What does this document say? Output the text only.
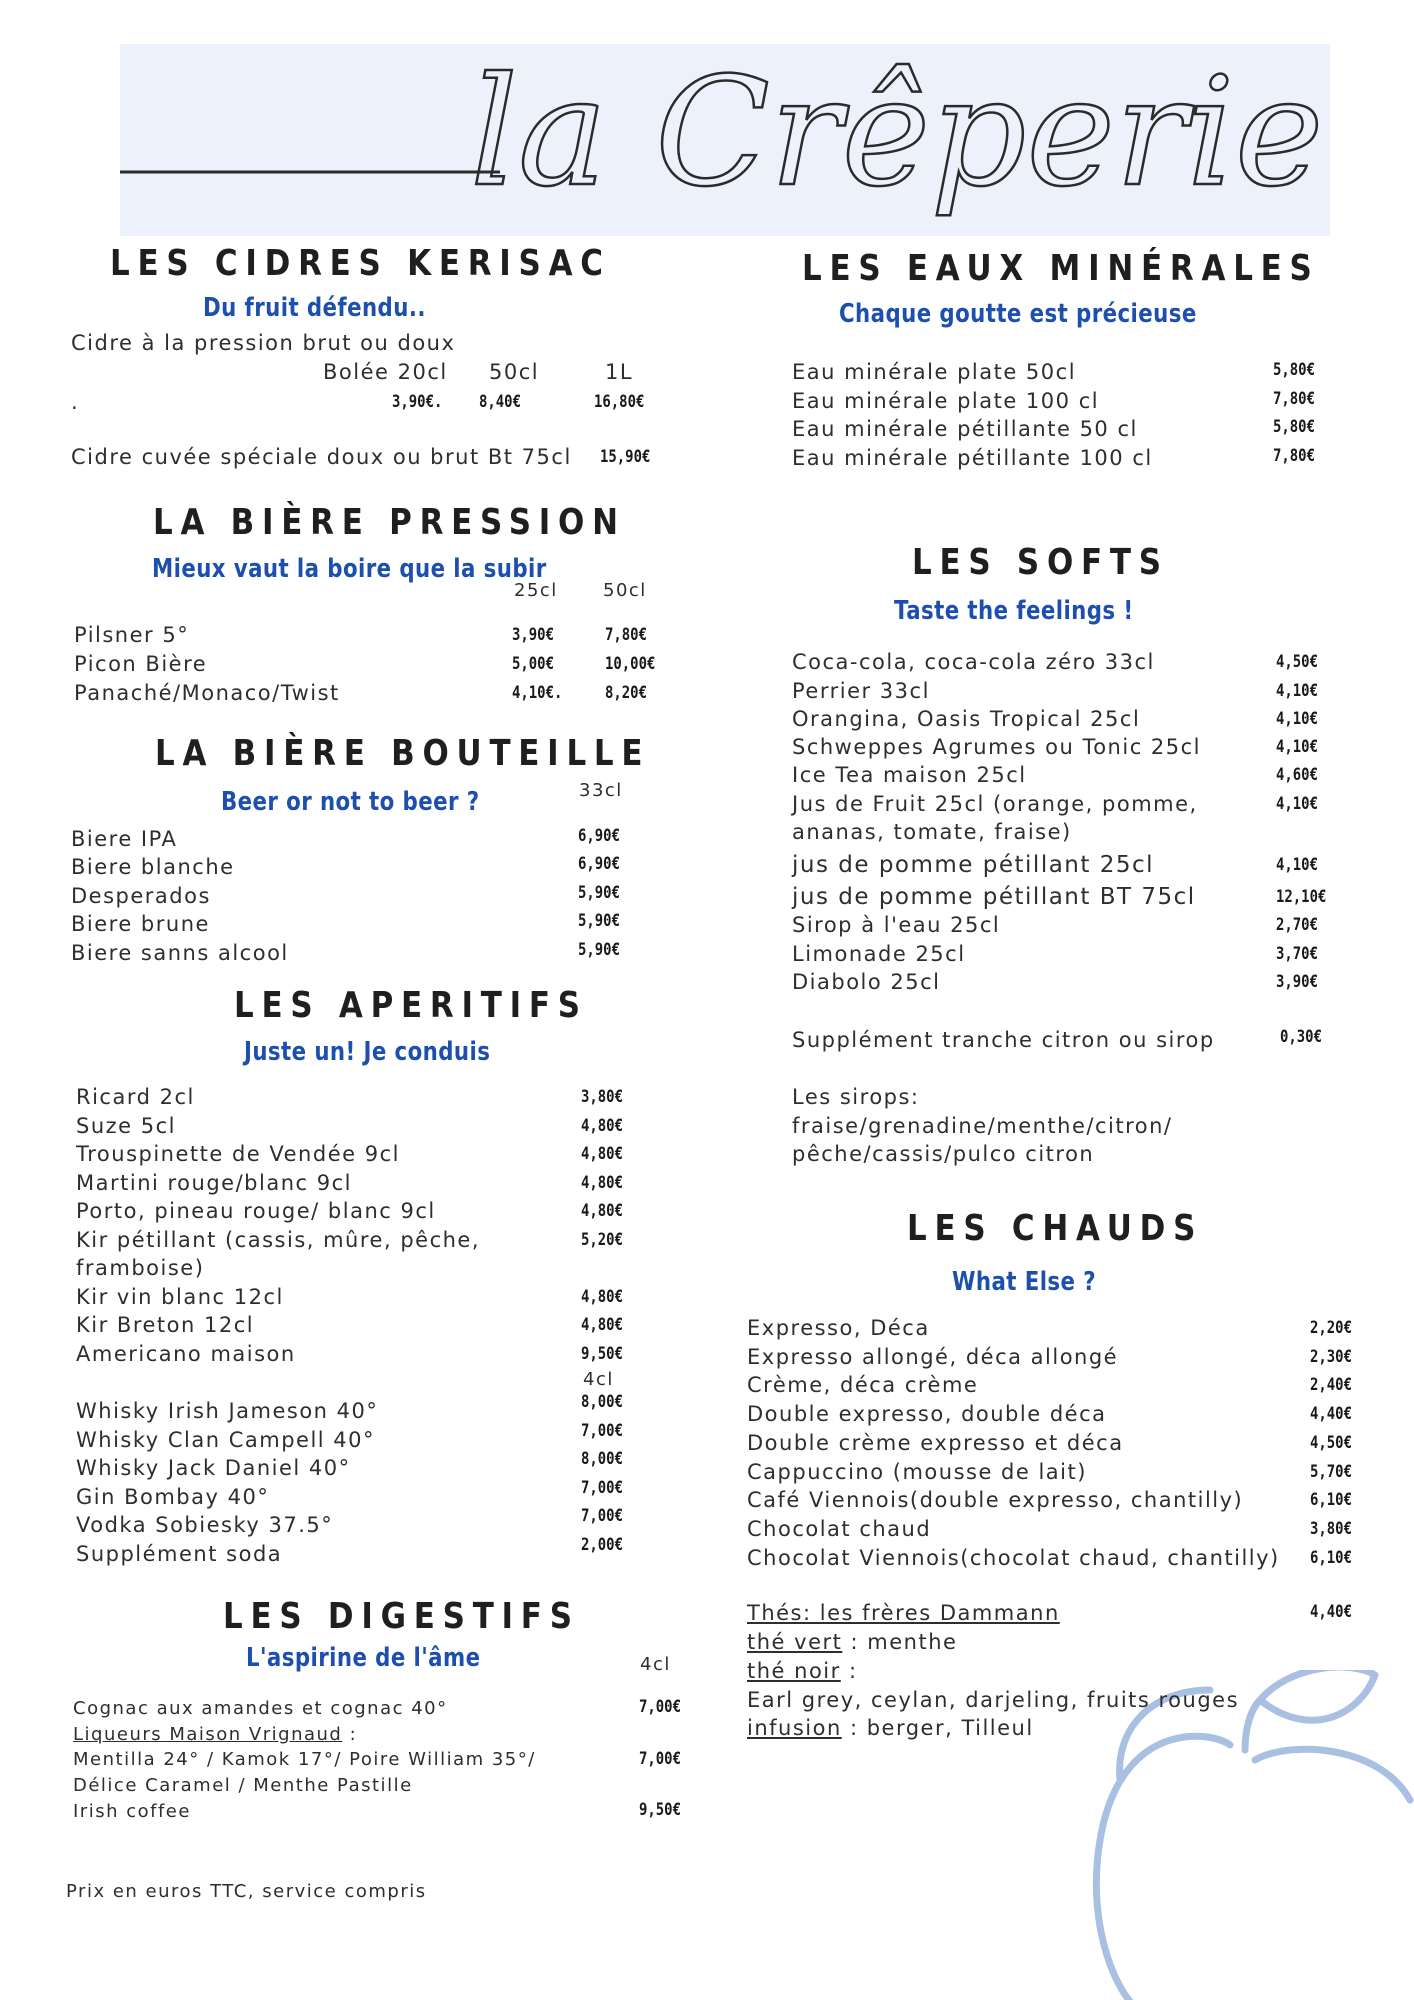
la Crêperie
LES CIDRES KERISAC
Du fruit défendu..
Cidre à la pression brut ou doux
Bolée 20cl 50cl	1L
.	3,90€. 8,40€	16,80€
Cidre cuvée spéciale doux ou brut Bt 75cl 15,90€
LA BIÈRE PRESSION
Mieux vaut la boire que la subir
25cl	50cl
Pilsner 5°	3,90€	7,80€
Picon Bière	5,00€	10,00€
Panaché/Monaco/Twist	4,10€.	8,20€
LA BIÈRE BOUTEILLE
Beer or not to beer ?	33cl
Biere IPA	6,90€
Biere blanche	6,90€
Desperados	5,90€
Biere brune	5,90€
Biere sanns alcool	5,90€
LES APERITIFS
Juste un! Je conduis
Ricard 2cl	3,80€
Suze 5cl	4,80€
Trouspinette de Vendée 9cl	4,80€
Martini rouge/blanc 9cl	4,80€
Porto, pineau rouge/ blanc 9cl	4,80€
Kir pétillant (cassis, mûre, pêche,	5,20€
framboise)
Kir vin blanc 12cl	4,80€
Kir Breton 12cl	4,80€
Americano maison	9,50€
4cl
Whisky Irish Jameson 40°	8,00€
Whisky Clan Campell 40°	7,00€
Whisky Jack Daniel 40°	8,00€
Gin Bombay 40°	7,00€
Vodka Sobiesky 37.5°	7,00€
Supplément soda	2,00€
LES DIGESTIFS
L'aspirine de l'âme	4cl
Cognac aux amandes et cognac 40°	7,00€
Liqueurs Maison Vrignaud :
Mentilla 24° / Kamok 17°/ Poire William 35°/	7,00€
Délice Caramel / Menthe Pastille
Irish coffee	9,50€
Prix en euros TTC, service compris
LES EAUX MINÉRALES
Chaque goutte est précieuse
Eau minérale plate 50cl	5,80€
Eau minérale plate 100 cl	7,80€
Eau minérale pétillante 50 cl	5,80€
Eau minérale pétillante 100 cl	7,80€
LES SOFTS
Taste the feelings !
Coca-cola, coca-cola zéro 33cl	4,50€
Perrier 33cl	4,10€
Orangina, Oasis Tropical 25cl	4,10€
Schweppes Agrumes ou Tonic 25cl	4,10€
Ice Tea maison 25cl	4,60€
Jus de Fruit 25cl (orange, pomme,	4,10€
ananas, tomate, fraise)
jus de pomme pétillant 25cl	4,10€
jus de pomme pétillant BT 75cl	12,10€
Sirop à l'eau 25cl	2,70€
Limonade 25cl	3,70€
Diabolo 25cl	3,90€
Supplément tranche citron ou sirop	0,30€
Les sirops:
fraise/grenadine/menthe/citron/
pêche/cassis/pulco citron
LES CHAUDS
What Else ?
Expresso, Déca	2,20€
Expresso allongé, déca allongé	2,30€
Crème, déca crème	2,40€
Double expresso, double déca	4,40€
Double crème expresso et déca	4,50€
Cappuccino (mousse de lait)	5,70€
Café Viennois(double expresso, chantilly)	6,10€
Chocolat chaud	3,80€
Chocolat Viennois(chocolat chaud, chantilly) 6,10€
Thés: les frères Dammann	4,40€
thé vert : menthe
thé noir :
Earl grey, ceylan, darjeling, fruits rouges
infusion : berger, Tilleul
